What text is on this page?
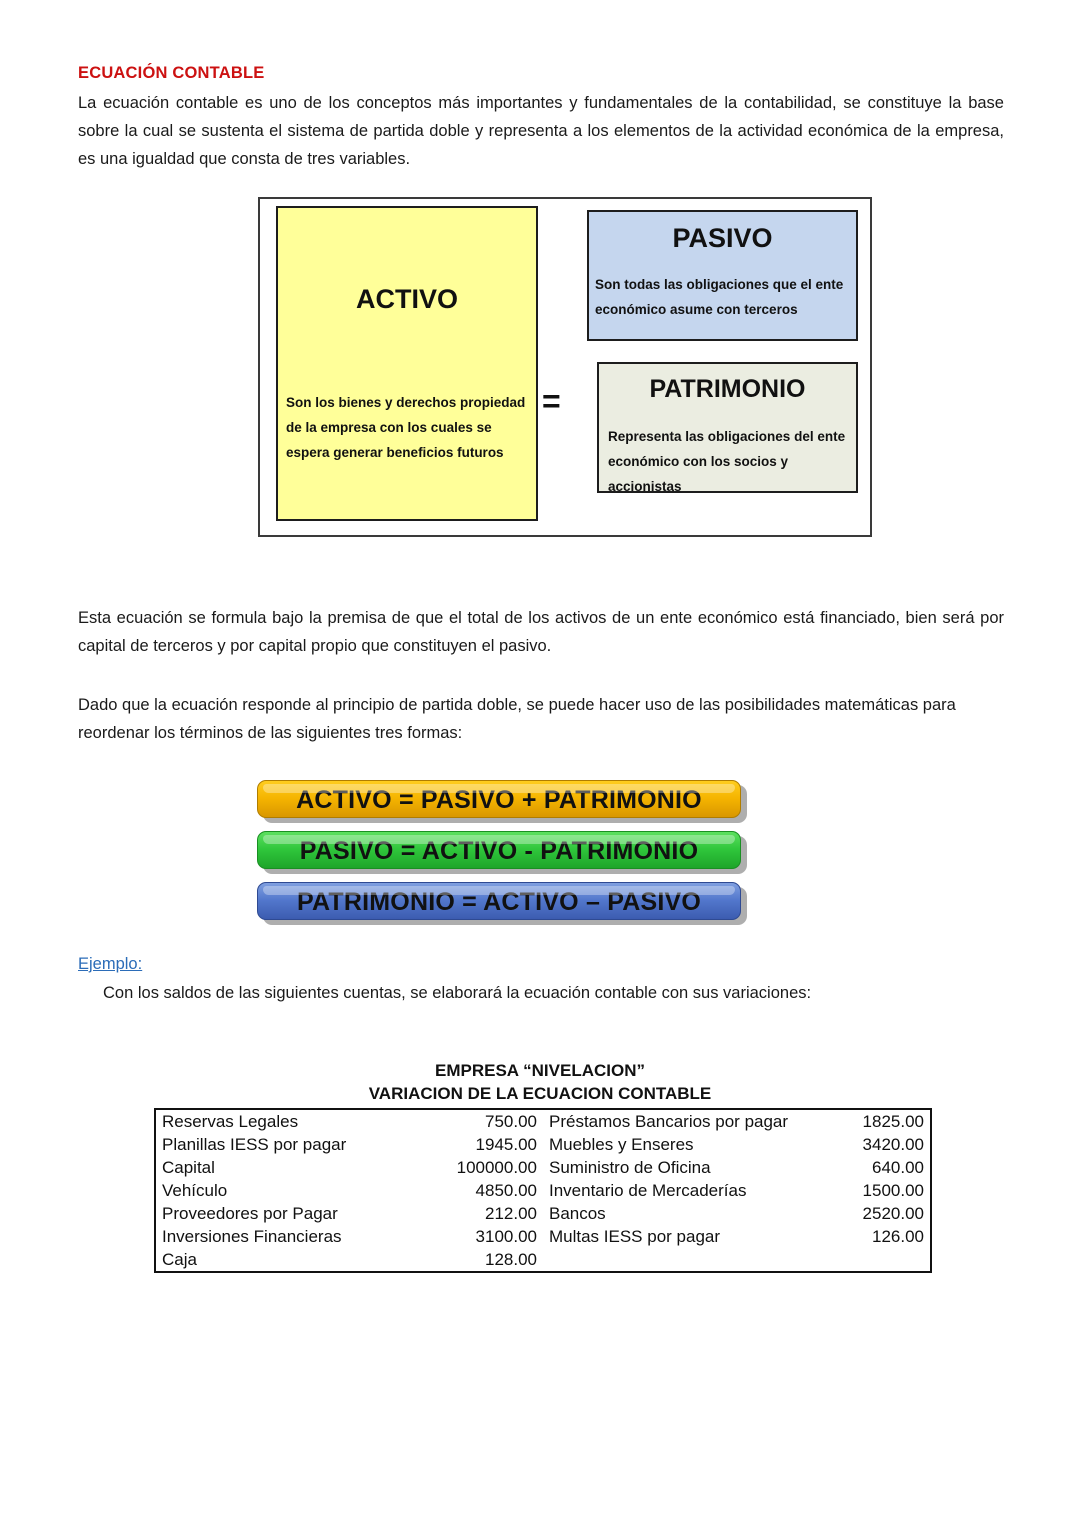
ECUACIÓN CONTABLE
La ecuación contable es uno de los conceptos más importantes y fundamentales de la contabilidad, se constituye la base sobre la cual se sustenta el sistema de partida doble y representa a los elementos de la actividad económica de la empresa, es una igualdad que consta de tres variables.
ACTIVO
Son los bienes y derechos propiedad de la empresa con los cuales se espera generar beneficios futuros
=
PASIVO
Son todas las obligaciones que el ente económico asume con terceros
PATRIMONIO
Representa las obligaciones del ente económico con los socios y accionistas
Esta ecuación se formula bajo la premisa de que el total de los activos de un ente económico está financiado, bien será por capital de terceros y por capital propio que constituyen el pasivo.
Dado que la ecuación responde al principio de partida doble, se puede hacer uso de las posibilidades matemáticas para reordenar los términos de las siguientes tres formas:
ACTIVO = PASIVO + PATRIMONIO
PASIVO = ACTIVO - PATRIMONIO
PATRIMONIO = ACTIVO – PASIVO
Ejemplo:
Con los saldos de las siguientes cuentas, se elaborará la ecuación contable con sus variaciones:
EMPRESA “NIVELACION”
VARIACION DE LA ECUACION CONTABLE
Reservas Legales	750.00	Préstamos Bancarios por pagar	1825.00
Planillas IESS por pagar	1945.00	Muebles y Enseres	3420.00
Capital	100000.00	Suministro de Oficina	640.00
Vehículo	4850.00	Inventario de Mercaderías	1500.00
Proveedores por Pagar	212.00	Bancos	2520.00
Inversiones Financieras	3100.00	Multas IESS por pagar	126.00
Caja	128.00		
